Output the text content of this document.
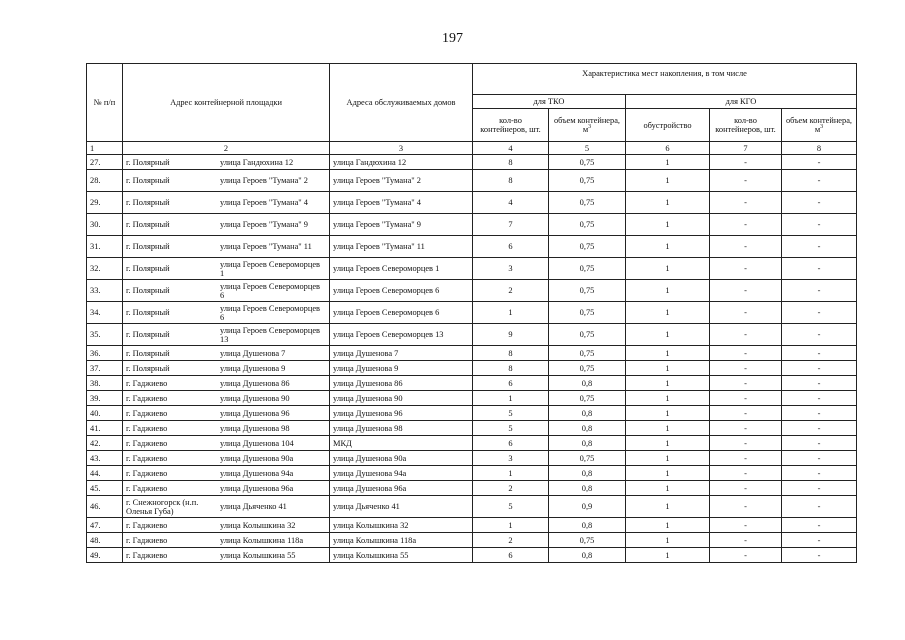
197
№ п/п	Адрес контейнерной площадки	Адреса обслуживаемых домов	Характеристика мест накопления, в том числе				
			для ТКО		для КГО		
			кол-во контейнеров, шт.	объем контейнера, $м^3$	обустройство	кол-во контейнеров, шт.	объем контейнера, $м^3$
1	2	3	4	5	6	7	8
27.	г. Полярный улица Гандюхина 12	улица Гандюхина 12	8	0,75	1	-	-
28.	г. Полярный улица Героев "Тумана" 2	улица Героев "Тумана" 2	8	0,75	1	-	-
29.	г. Полярный улица Героев "Тумана" 4	улица Героев "Тумана" 4	4	0,75	1	-	-
30.	г. Полярный улица Героев "Тумана" 9	улица Героев "Тумана" 9	7	0,75	1	-	-
31.	г. Полярный улица Героев "Тумана" 11	улица Героев "Тумана" 11	6	0,75	1	-	-
32.	г. Полярный улица Героев Североморцев 1	улица Героев Североморцев 1	3	0,75	1	-	-
33.	г. Полярный улица Героев Североморцев 6	улица Героев Североморцев 6	2	0,75	1	-	-
34.	г. Полярный улица Героев Североморцев 6	улица Героев Североморцев 6	1	0,75	1	-	-
35.	г. Полярный улица Героев Североморцев 13	улица Героев Североморцев 13	9	0,75	1	-	-
36.	г. Полярный улица Душенова 7	улица Душенова 7	8	0,75	1	-	-
37.	г. Полярный улица Душенова 9	улица Душенова 9	8	0,75	1	-	-
38.	г. Гаджиево улица Душенова 86	улица Душенова 86	6	0,8	1	-	-
39.	г. Гаджиево улица Душенова 90	улица Душенова 90	1	0,75	1	-	-
40.	г. Гаджиево улица Душенова 96	улица Душенова 96	5	0,8	1	-	-
41.	г. Гаджиево улица Душенова 98	улица Душенова 98	5	0,8	1	-	-
42.	г. Гаджиево улица Душенова 104	МКД	6	0,8	1	-	-
43.	г. Гаджиево улица Душенова 90а	улица Душенова 90а	3	0,75	1	-	-
44.	г. Гаджиево улица Душенова 94а	улица Душенова 94а	1	0,8	1	-	-
45.	г. Гаджиево улица Душенова 96а	улица Душенова 96а	2	0,8	1	-	-
46.	г. Снежногорск (н.п. Оленья Губа) улица Дьяченко 41	улица Дьяченко 41	5	0,9	1	-	-
47.	г. Гаджиево улица Колышкина 32	улица Колышкина 32	1	0,8	1	-	-
48.	г. Гаджиево улица Колышкина 118а	улица Колышкина 118а	2	0,75	1	-	-
49.	г. Гаджиево улица Колышкина 55	улица Колышкина 55	6	0,8	1	-	-
